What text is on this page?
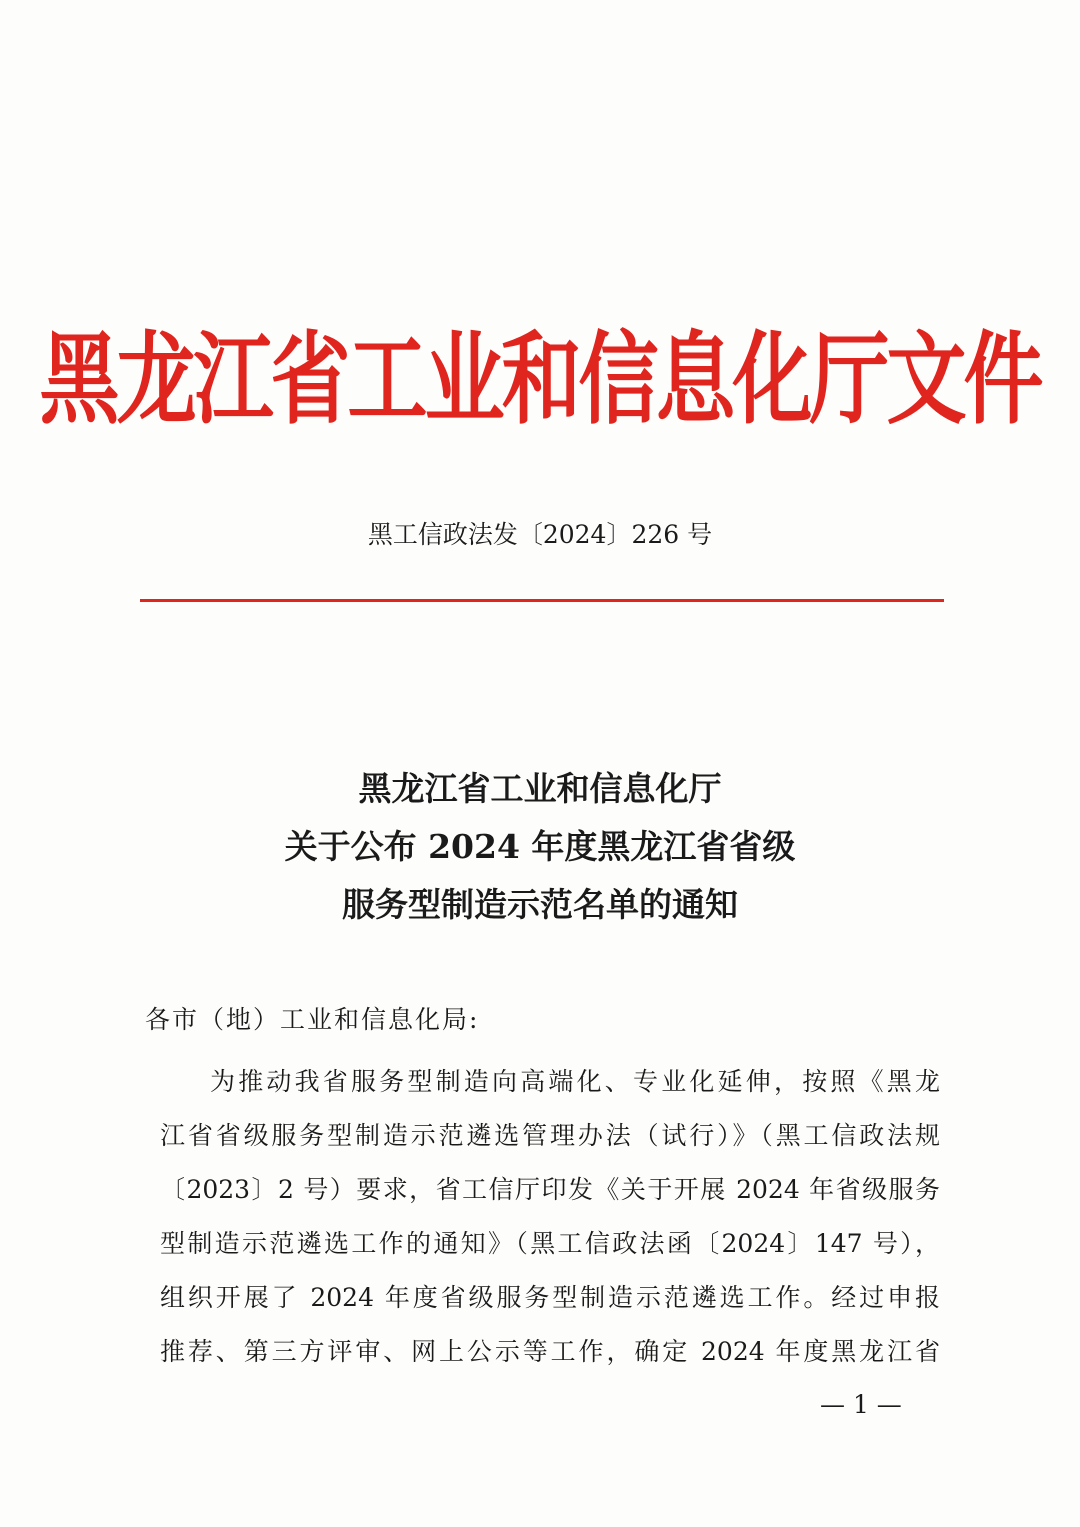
黑龙江省工业和信息化厅文件
黑工信政法发〔2024〕226 号
黑龙江省工业和信息化厅
关于公布 2024 年度黑龙江省省级
服务型制造示范名单的通知
各市（地）工业和信息化局:
为推动我省服务型制造向高端化、专业化延伸，按照《黑龙
江省省级服务型制造示范遴选管理办法（试行）》（黑工信政法规
〔2023〕2 号）要求，省工信厅印发《关于开展 2024 年省级服务
型制造示范遴选工作的通知》（黑工信政法函〔2024〕147 号），
组织开展了 2024 年度省级服务型制造示范遴选工作。经过申报
推荐、第三方评审、网上公示等工作，确定 2024 年度黑龙江省
— 1 —
